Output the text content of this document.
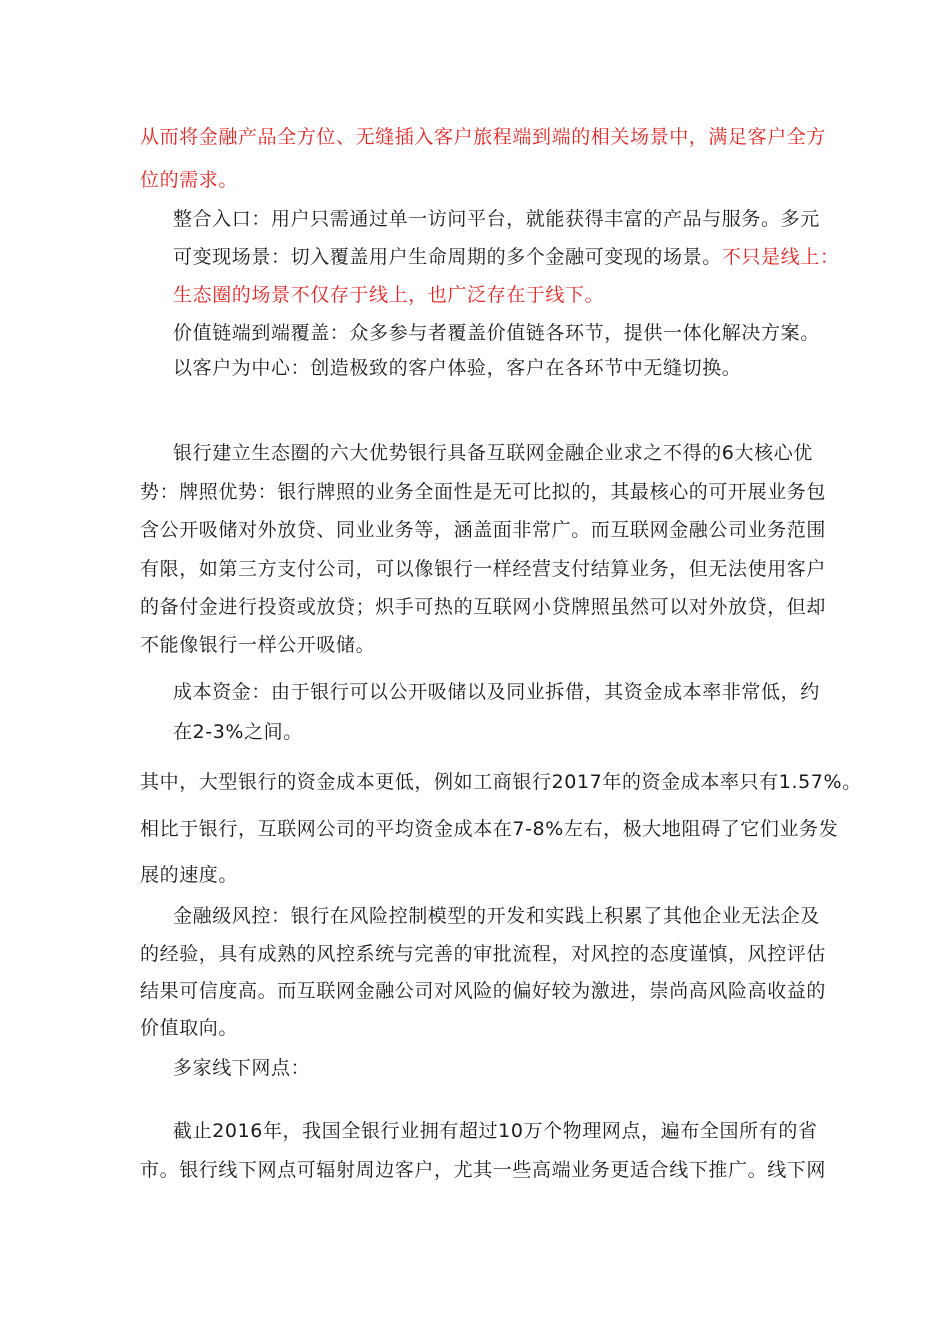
从而将金融产品全方位、无缝插入客户旅程端到端的相关场景中，满足客户全方
位的需求。
整合入口：用户只需通过单一访问平台，就能获得丰富的产品与服务。多元
可变现场景：切入覆盖用户生命周期的多个金融可变现的场景。不只是线上：
生态圈的场景不仅存于线上，也广泛存在于线下。
价值链端到端覆盖：众多参与者覆盖价值链各环节，提供一体化解决方案。
以客户为中心：创造极致的客户体验，客户在各环节中无缝切换。
银行建立生态圈的六大优势银行具备互联网金融企业求之不得的6大核心优
势：牌照优势：银行牌照的业务全面性是无可比拟的，其最核心的可开展业务包
含公开吸储对外放贷、同业业务等，涵盖面非常广。而互联网金融公司业务范围
有限，如第三方支付公司，可以像银行一样经营支付结算业务，但无法使用客户
的备付金进行投资或放贷；炽手可热的互联网小贷牌照虽然可以对外放贷，但却
不能像银行一样公开吸储。
成本资金：由于银行可以公开吸储以及同业拆借，其资金成本率非常低，约
在2-3%之间。
其中，大型银行的资金成本更低，例如工商银行2017年的资金成本率只有1.57%。
相比于银行，互联网公司的平均资金成本在7-8%左右，极大地阻碍了它们业务发
展的速度。
金融级风控：银行在风险控制模型的开发和实践上积累了其他企业无法企及
的经验，具有成熟的风控系统与完善的审批流程，对风控的态度谨慎，风控评估
结果可信度高。而互联网金融公司对风险的偏好较为激进，崇尚高风险高收益的
价值取向。
多家线下网点：
截止2016年，我国全银行业拥有超过10万个物理网点，遍布全国所有的省
市。银行线下网点可辐射周边客户，尤其一些高端业务更适合线下推广。线下网
